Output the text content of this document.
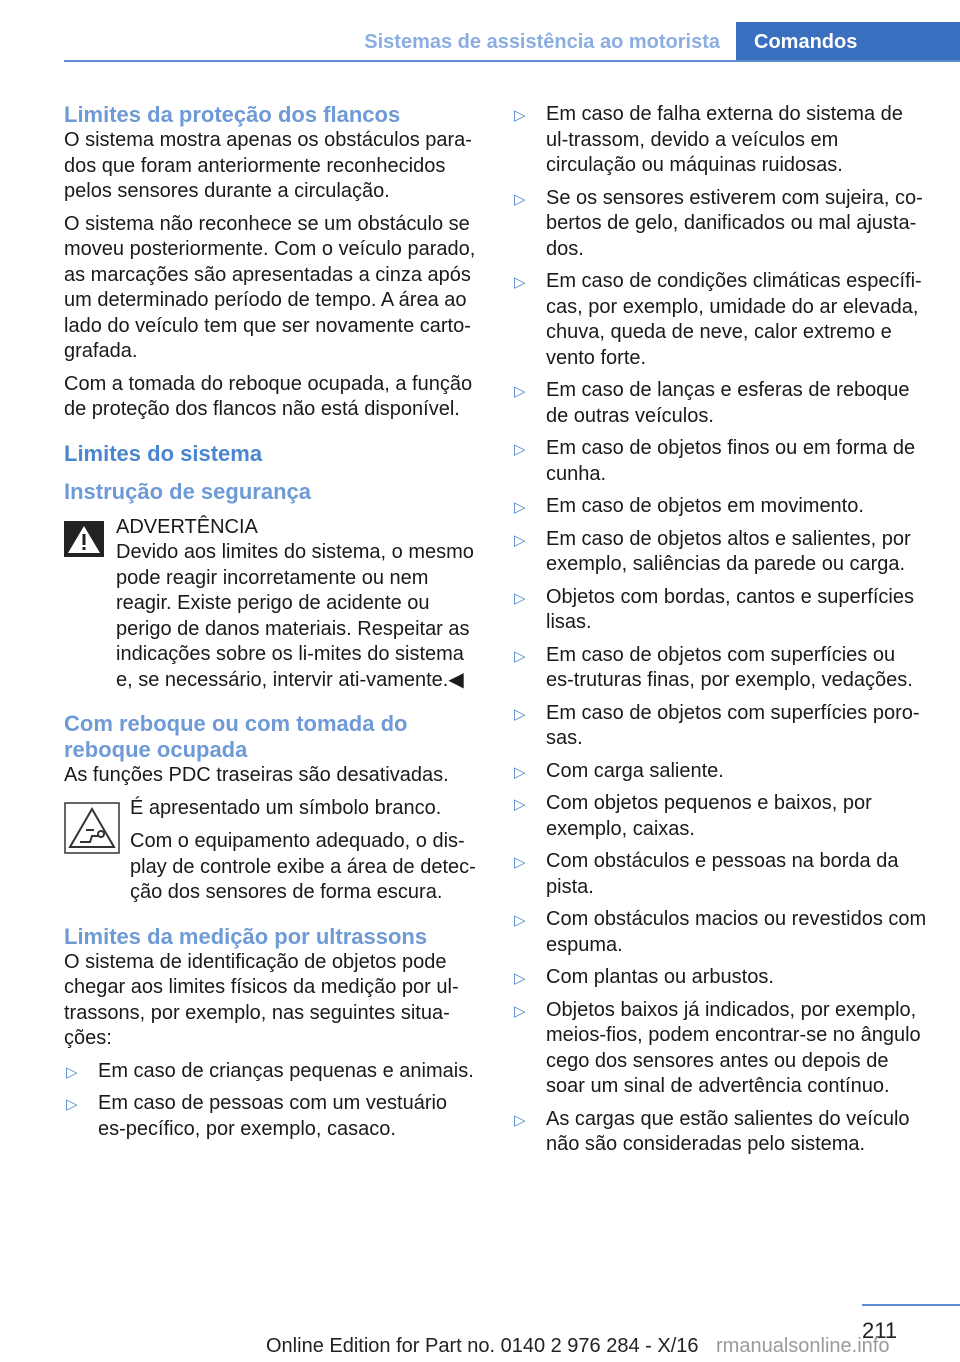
Sistemas de assistência ao motorista Comandos
Limites da proteção dos flancos

O sistema mostra apenas os obstáculos para-dos que foram anteriormente reconhecidos pelos sensores durante a circulação.

O sistema não reconhece se um obstáculo se moveu posteriormente. Com o veículo parado, as marcações são apresentadas a cinza após um determinado período de tempo. A área ao lado do veículo tem que ser novamente carto-grafada.

Com a tomada do reboque ocupada, a função de proteção dos flancos não está disponível.

Limites do sistema
Instrução de segurança

ADVERTÊNCIA

Devido aos limites do sistema, o mesmo pode reagir incorretamente ou nem reagir. Existe perigo de acidente ou perigo de danos materiais. Respeitar as indicações sobre os li-mites do sistema e, se necessário, intervir ati-vamente.◀

Com reboque ou com tomada do reboque ocupada

As funções PDC traseiras são desativadas.

É apresentado um símbolo branco.

Com o equipamento adequado, o dis-play de controle exibe a área de detec-ção dos sensores de forma escura.

Limites da medição por ultrassons

O sistema de identificação de objetos pode chegar aos limites físicos da medição por ul-trassons, por exemplo, nas seguintes situa-ções:

▷ Em caso de crianças pequenas e animais.
▷ Em caso de pessoas com um vestuário es-pecífico, por exemplo, casaco.
▷ Em caso de falha externa do sistema de ul-trassom, devido a veículos em circulação ou máquinas ruidosas.
▷ Se os sensores estiverem com sujeira, co-bertos de gelo, danificados ou mal ajusta-dos.
▷ Em caso de condições climáticas específi-cas, por exemplo, umidade do ar elevada, chuva, queda de neve, calor extremo e vento forte.
▷ Em caso de lanças e esferas de reboque de outras veículos.
▷ Em caso de objetos finos ou em forma de cunha.
▷ Em caso de objetos em movimento.
▷ Em caso de objetos altos e salientes, por exemplo, saliências da parede ou carga.
▷ Objetos com bordas, cantos e superfícies lisas.
▷ Em caso de objetos com superfícies ou es-truturas finas, por exemplo, vedações.
▷ Em caso de objetos com superfícies poro-sas.
▷ Com carga saliente.
▷ Com objetos pequenos e baixos, por exemplo, caixas.
▷ Com obstáculos e pessoas na borda da pista.
▷ Com obstáculos macios ou revestidos com espuma.
▷ Com plantas ou arbustos.
▷ Objetos baixos já indicados, por exemplo, meios-fios, podem encontrar-se no ângulo cego dos sensores antes ou depois de soar um sinal de advertência contínuo.
▷ As cargas que estão salientes do veículo não são consideradas pelo sistema.
211
Online Edition for Part no. 0140 2 976 284 - X/16 rmanualsonline.info
